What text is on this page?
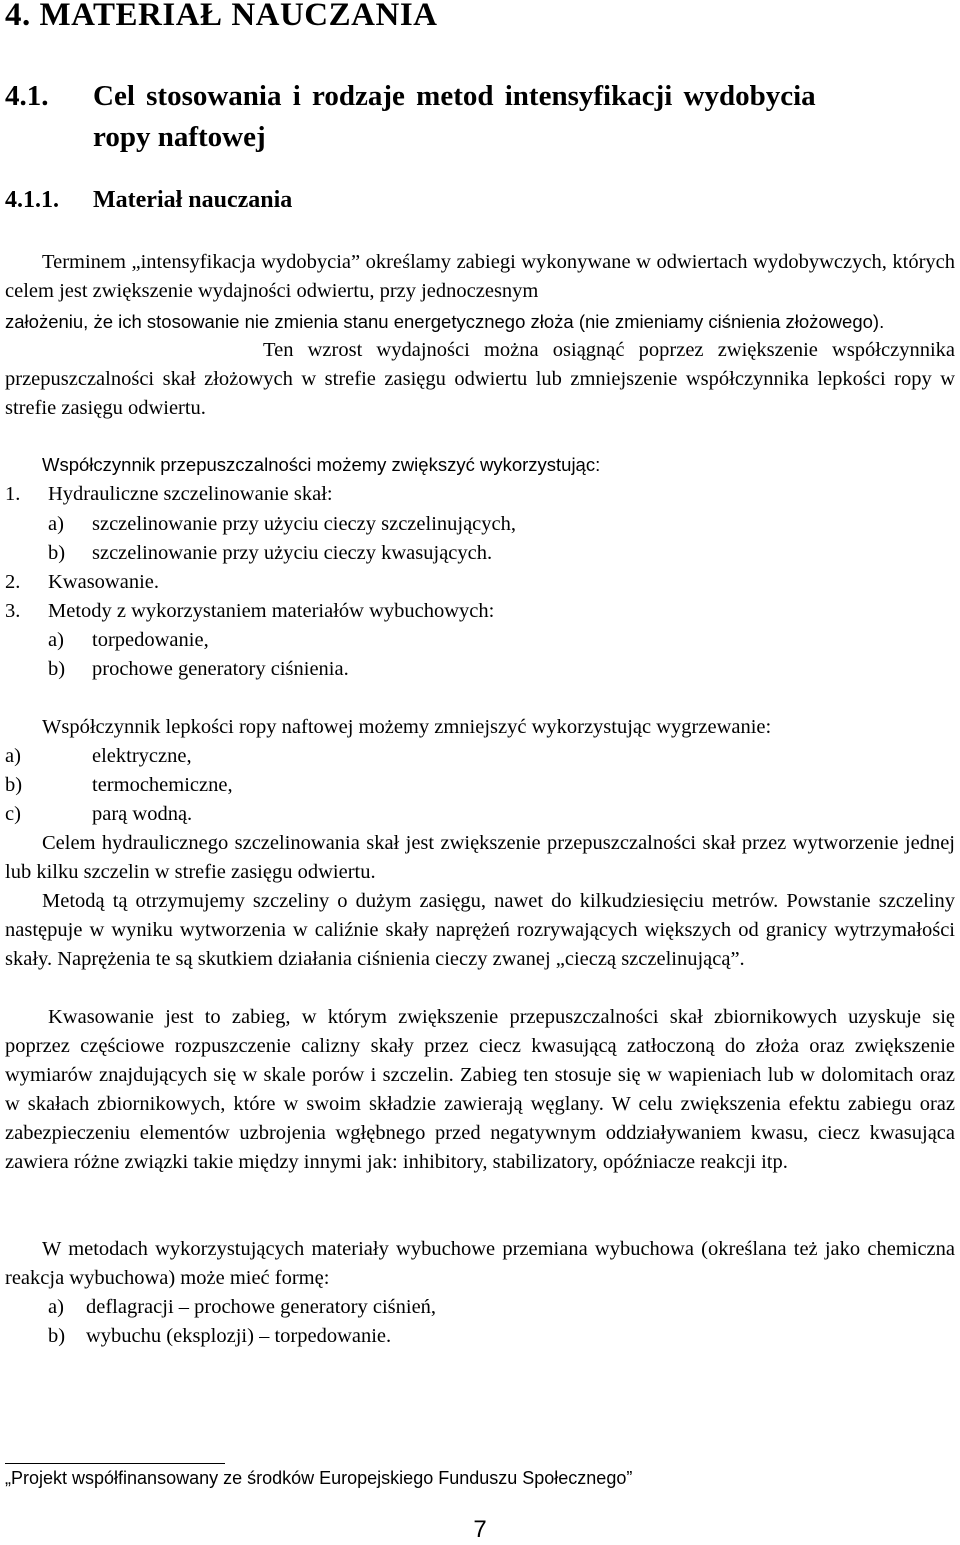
4. MATERIAŁ NAUCZANIA
4.1. Cel stosowania i rodzaje metod intensyfikacji wydobycia
ropy naftowej
4.1.1. Materiał nauczania
Terminem „intensyfikacja wydobycia” określamy zabiegi wykonywane w odwiertach wydobywczych, których celem jest zwiększenie wydajności odwiertu, przy jednoczesnym
założeniu, że ich stosowanie nie zmienia stanu energetycznego złoża (nie zmieniamy ciśnienia złożowego).
Ten wzrost wydajności można osiągnąć poprzez zwiększenie współczynnika przepuszczalności skał złożowych w strefie zasięgu odwiertu lub zmniejszenie współczynnika lepkości ropy w strefie zasięgu odwiertu.
Współczynnik przepuszczalności możemy zwiększyć wykorzystując:
1. Hydrauliczne szczelinowanie skał:
a) szczelinowanie przy użyciu cieczy szczelinujących,
b) szczelinowanie przy użyciu cieczy kwasujących.
2. Kwasowanie.
3. Metody z wykorzystaniem materiałów wybuchowych:
a) torpedowanie,
b) prochowe generatory ciśnienia.
Współczynnik lepkości ropy naftowej możemy zmniejszyć wykorzystując wygrzewanie:
a)	elektryczne,
b)	termochemiczne,
c)	parą wodną.
Celem hydraulicznego szczelinowania skał jest zwiększenie przepuszczalności skał przez wytworzenie jednej lub kilku szczelin w strefie zasięgu odwiertu.
Metodą tą otrzymujemy szczeliny o dużym zasięgu, nawet do kilkudziesięciu metrów. Powstanie szczeliny następuje w wyniku wytworzenia w caliźnie skały naprężeń rozrywających większych od granicy wytrzymałości skały. Naprężenia te są skutkiem działania ciśnienia cieczy zwanej „cieczą szczelinującą”.
Kwasowanie jest to zabieg, w którym zwiększenie przepuszczalności skał zbiornikowych uzyskuje się poprzez częściowe rozpuszczenie calizny skały przez ciecz kwasującą zatłoczoną do złoża oraz zwiększenie wymiarów znajdujących się w skale porów i szczelin. Zabieg ten stosuje się w wapieniach lub w dolomitach oraz w skałach zbiornikowych, które w swoim składzie zawierają węglany. W celu zwiększenia efektu zabiegu oraz zabezpieczeniu elementów uzbrojenia wgłębnego przed negatywnym oddziaływaniem kwasu, ciecz kwasująca zawiera różne związki takie między innymi jak: inhibitory, stabilizatory, opóźniacze reakcji itp.
W metodach wykorzystujących materiały wybuchowe przemiana wybuchowa (określana też jako chemiczna reakcja wybuchowa) może mieć formę:
a) deflagracji – prochowe generatory ciśnień,
b) wybuchu (eksplozji) – torpedowanie.
„Projekt współfinansowany ze środków Europejskiego Funduszu Społecznego”
7
